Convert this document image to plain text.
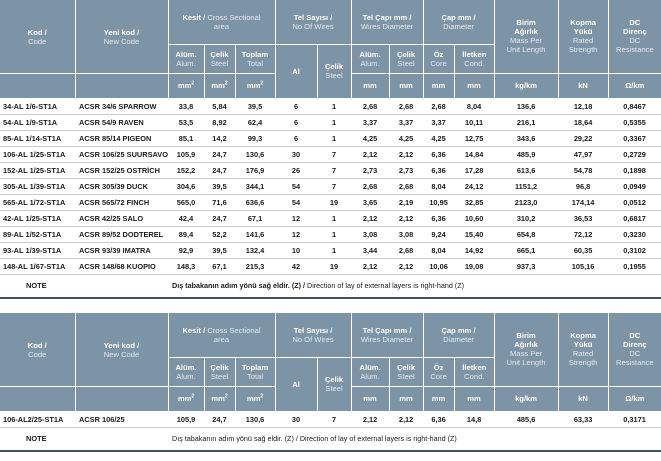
Kod /
Code	Yeni kod /
New Code	Kesit / Cross Sectional
area			Tel Sayısı /
No Of Wires		Tel Çapı mm /
Wires Diameter		Çap mm /
Diameter		Birim
Ağırlık
Mass Per
Unit Length	Kopma
Yükü
Rated
Strength	DC
Direnç
DC
Resistance

		Alüm.
Alum.	Çelik
Steel	Toplam
Total	Al	Çelik
Steel	Alüm.
Alum.	Çelik
Steel	Öz
Core	İletken
Cond.			

		$mm^2$	$mm^2$	$mm^2$			mm	mm	mm	mm	kg/km	kN	Ω/km
34-AL 1/6-ST1A	ACSR 34/6 SPARROW	33,8	5,84	39,5	6	1	2,68	2,68	2,68	8,04	136,6	12,18	0,8467
54-AL 1/9-ST1A	ACSR 54/9 RAVEN	53,5	8,92	62,4	6	1	3,37	3,37	3,37	10,11	216,1	18,64	0,5355
85-AL 1/14-ST1A	ACSR 85/14 PIGEON	85,1	14,2	99,3	6	1	4,25	4,25	4,25	12,75	343,6	29,22	0,3367
106-AL 1/25-ST1A	ACSR 106/25 SUURSAVO	105,9	24,7	130,6	30	7	2,12	2,12	6,36	14,84	485,9	47,97	0,2729
152-AL 1/25-ST1A	ACSR 152/25 OSTRİCH	152,2	24,7	176,9	26	7	2,73	2,73	6,36	17,28	613,6	54,78	0,1898
305-AL 1/39-ST1A	ACSR 305/39 DUCK	304,6	39,5	344,1	54	7	2,68	2,68	8,04	24,12	1151,2	96,8	0,0949
565-AL 1/72-ST1A	ACSR 565/72 FINCH	565,0	71,6	636,6	54	19	3,65	2,19	10,95	32,85	2123,0	174,14	0,0512
42-AL 1/25-ST1A	ACSR 42/25 SALO	42,4	24,7	67,1	12	1	2,12	2,12	6,36	10,60	310,2	36,53	0,6817
89-AL 1/52-ST1A	ACSR 89/52 DODTEREL	89,4	52,2	141,6	12	1	3,08	3,08	9,24	15,40	654,8	72,12	0,3230
93-AL 1/39-ST1A	ACSR 93/39 IMATRA	92,9	39,5	132,4	10	1	3,44	2,68	8,04	14,92	665,1	60,35	0,3102
148-AL 1/67-ST1A	ACSR 148/68 KUOPIO	148,3	67,1	215,3	42	19	2,12	2,12	10,06	19,08	937,3	105,16	0,1955
NOTE		Dış tabakanın adım yönü sağ eldir. (Z) / Direction of lay of external layers is right-hand (Z)											
Kod /
Code	Yeni kod /
New Code	Kesit / Cross Sectional
area			Tel Sayısı /
No Of Wires		Tel Çapı mm /
Wires Diameter		Çap mm /
Diameter		Birim
Ağırlık
Mass Per
Unit Length	Kopma
Yükü
Rated
Strength	DC
Direnç
DC
Resistance

		Alüm.
Alum.	Çelik
Steel	Toplam
Total	Al	Çelik
Steel	Alüm.
Alum.	Çelik
Steel	Öz
Core	İletken
Cond.			

		$mm^2$	$mm^2$	$mm^2$			mm	mm	mm	mm	kg/km	kN	Ω/km
106-AL2/25-ST1A	ACSR 106/25	105,9	24,7	130,6	30	7	2,12	2,12	6,36	14,8	485,6	63,33	0,3171
NOTE		Dış tabakanın adım yönü sağ eldir. (Z) / Direction of lay of external layers is right-hand (Z)											
